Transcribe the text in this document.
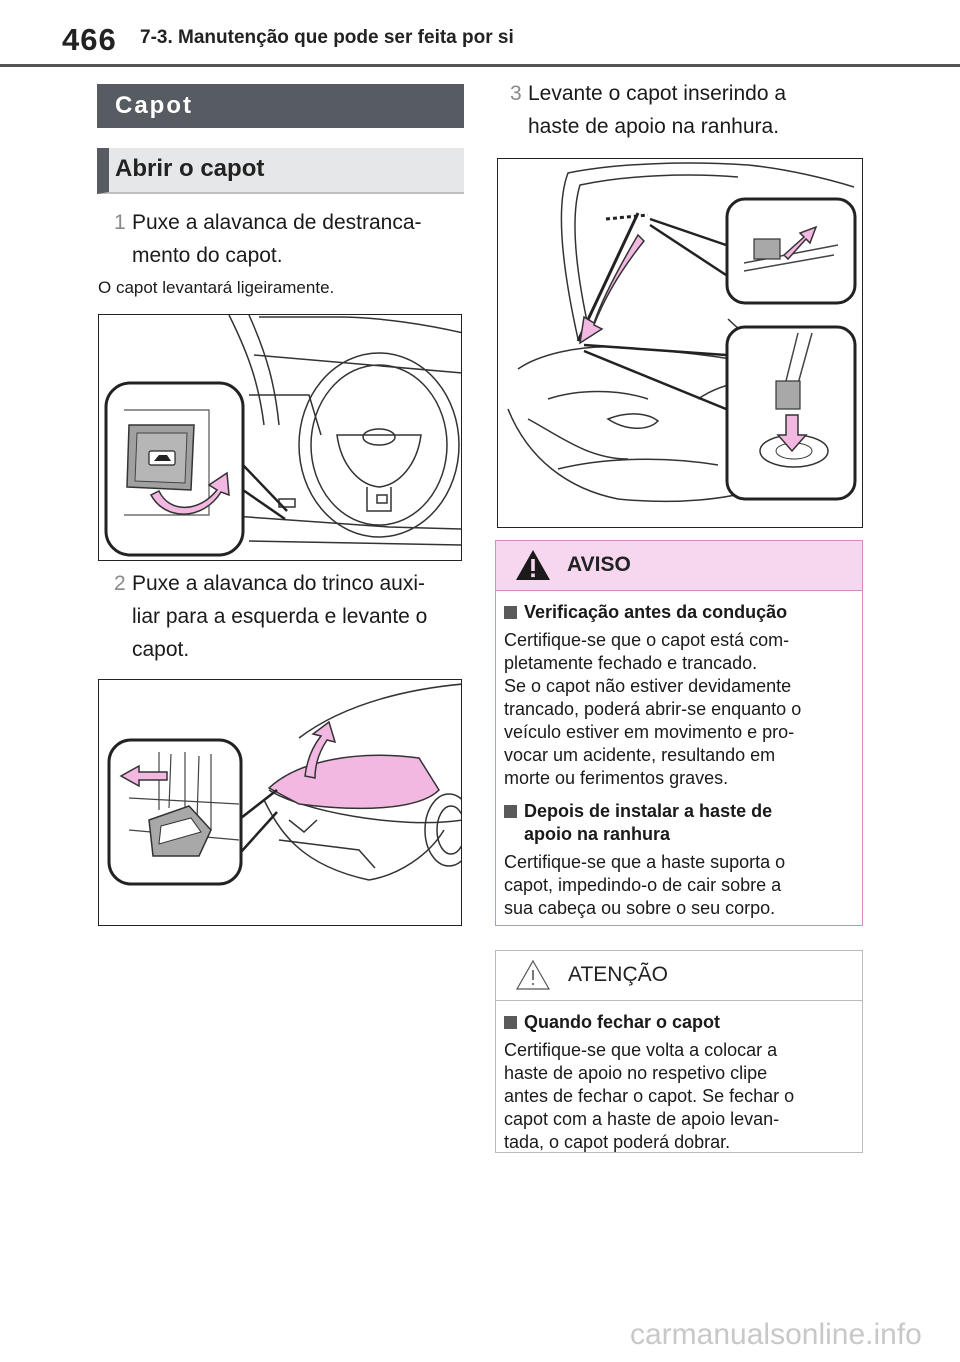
466 7-3. Manutenção que pode ser feita por si
Capot
Abrir o capot
1 Puxe a alavanca de destranca-
mento do capot.
O capot levantará ligeiramente.
2 Puxe a alavanca do trinco auxi-
liar para a esquerda e levante o
capot.
3 Levante o capot inserindo a
haste de apoio na ranhura.
AVISO
Verificação antes da condução
Certifique-se que o capot está com-
pletamente fechado e trancado.
Se o capot não estiver devidamente
trancado, poderá abrir-se enquanto o
veículo estiver em movimento e pro-
vocar um acidente, resultando em
morte ou ferimentos graves.
Depois de instalar a haste de
apoio na ranhura
Certifique-se que a haste suporta o
capot, impedindo-o de cair sobre a
sua cabeça ou sobre o seu corpo.
ATENÇÃO
Quando fechar o capot
Certifique-se que volta a colocar a
haste de apoio no respetivo clipe
antes de fechar o capot. Se fechar o
capot com a haste de apoio levan-
tada, o capot poderá dobrar.
carmanualsonline.info
